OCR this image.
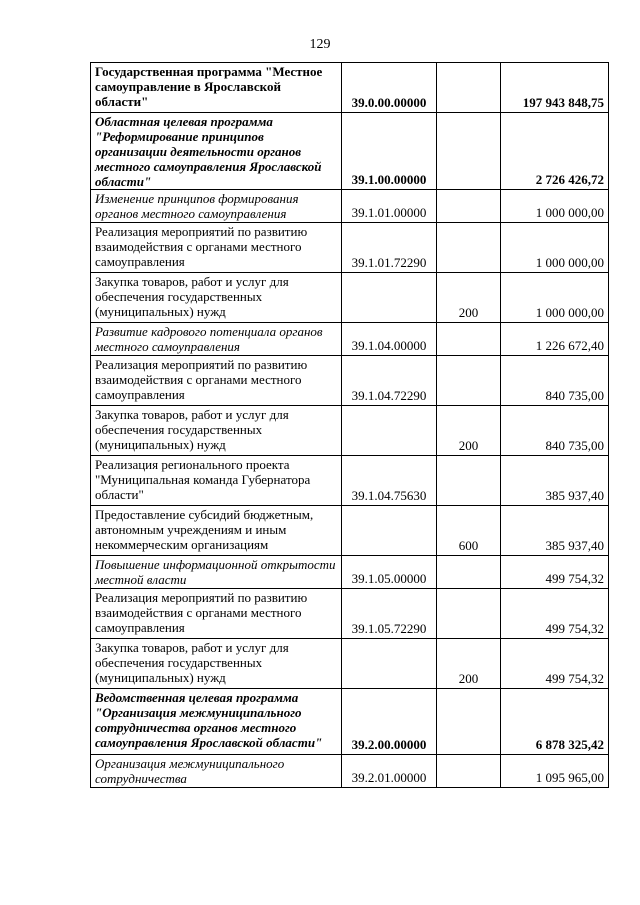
129
Государственная программа "Местное самоуправление в Ярославской области"	39.0.00.00000		197 943 848,75
Областная целевая программа "Реформирование принципов организации деятельности органов местного самоуправления Ярославской области"	39.1.00.00000		2 726 426,72
Изменение принципов формирования органов местного самоуправления	39.1.01.00000		1 000 000,00
Реализация мероприятий по развитию взаимодействия с органами местного самоуправления	39.1.01.72290		1 000 000,00
Закупка товаров, работ и услуг для обеспечения государственных (муниципальных) нужд		200	1 000 000,00
Развитие кадрового потенциала органов местного самоуправления	39.1.04.00000		1 226 672,40
Реализация мероприятий по развитию взаимодействия с органами местного самоуправления	39.1.04.72290		840 735,00
Закупка товаров, работ и услуг для обеспечения государственных (муниципальных) нужд		200	840 735,00
Реализация регионального проекта "Муниципальная команда Губернатора области"	39.1.04.75630		385 937,40
Предоставление субсидий бюджетным, автономным учреждениям и иным некоммерческим организациям		600	385 937,40
Повышение информационной открытости местной власти	39.1.05.00000		499 754,32
Реализация мероприятий по развитию взаимодействия с органами местного самоуправления	39.1.05.72290		499 754,32
Закупка товаров, работ и услуг для обеспечения государственных (муниципальных) нужд		200	499 754,32
Ведомственная целевая программа "Организация межмуниципального сотрудничества органов местного самоуправления Ярославской области"	39.2.00.00000		6 878 325,42
Организация межмуниципального сотрудничества	39.2.01.00000		1 095 965,00
